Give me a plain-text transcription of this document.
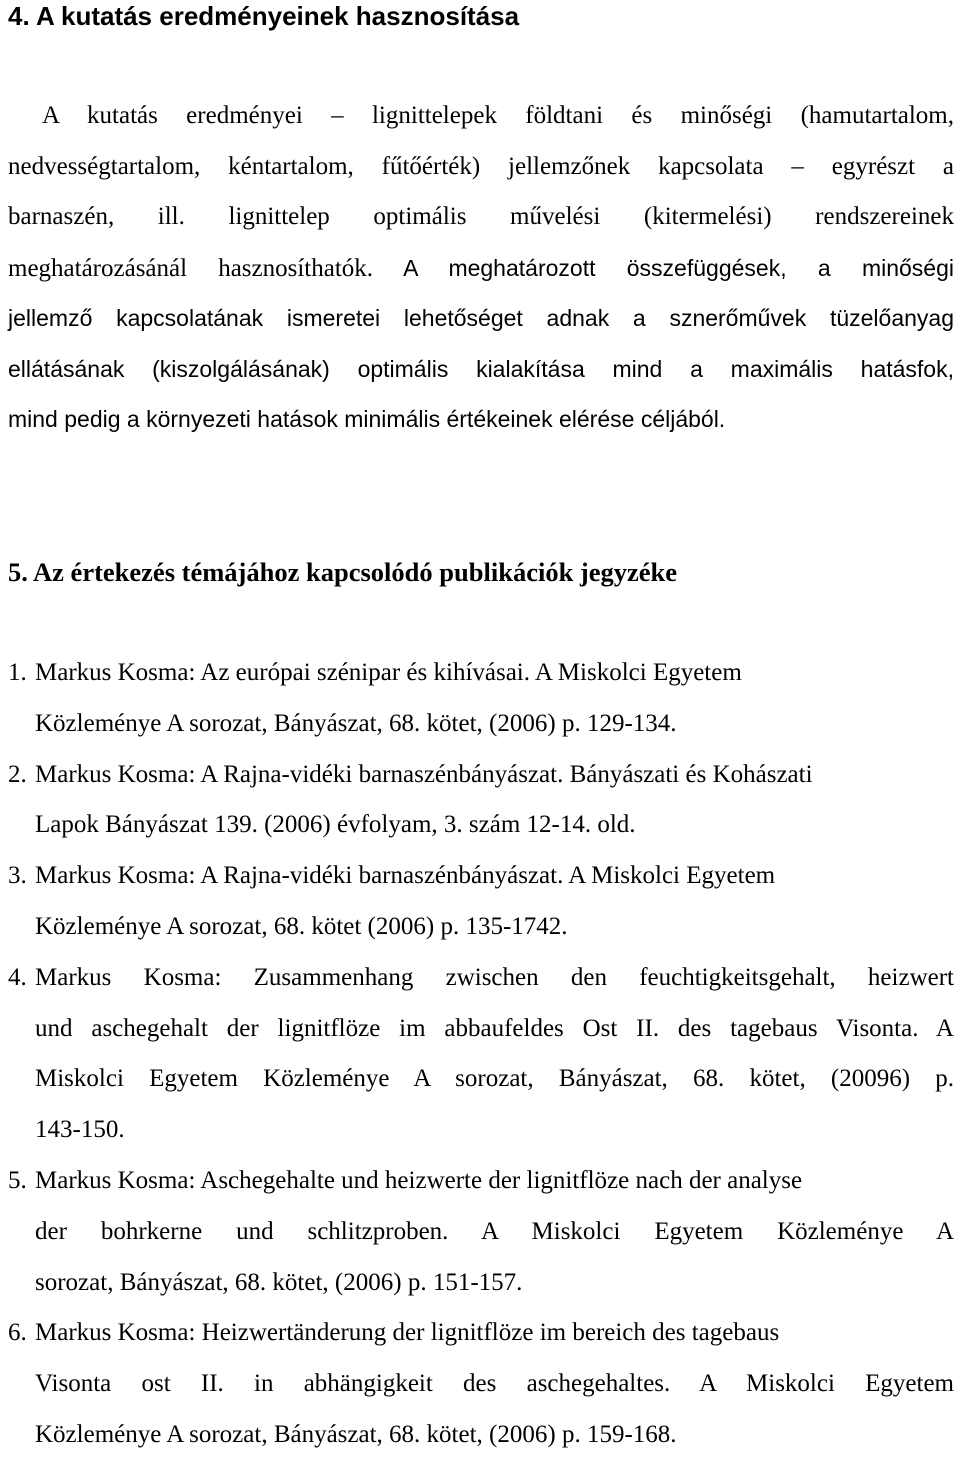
4. A kutatás eredményeinek hasznosítása
A kutatás eredményei – lignittelepek földtani és minőségi (hamutartalom,
nedvességtartalom, kéntartalom, fűtőérték) jellemzőnek kapcsolata – egyrészt a
barnaszén, ill. lignittelep optimális művelési (kitermelési) rendszereinek
meghatározásánál hasznosíthatók. A meghatározott összefüggések, a minőségi
jellemző kapcsolatának ismeretei lehetőséget adnak a sznerőművek tüzelőanyag
ellátásának (kiszolgálásának) optimális kialakítása mind a maximális hatásfok,
mind pedig a környezeti hatások minimális értékeinek elérése céljából.
5. Az értekezés témájához kapcsolódó publikációk jegyzéke
1. Markus Kosma: Az európai szénipar és kihívásai. A Miskolci Egyetem
Közleménye A sorozat, Bányászat, 68. kötet, (2006) p. 129-134.
2. Markus Kosma: A Rajna-vidéki barnaszénbányászat. Bányászati és Kohászati
Lapok Bányászat 139. (2006) évfolyam, 3. szám 12-14. old.
3. Markus Kosma: A Rajna-vidéki barnaszénbányászat. A Miskolci Egyetem
Közleménye A sorozat, 68. kötet (2006) p. 135-1742.
4. Markus Kosma: Zusammenhang zwischen den feuchtigkeitsgehalt, heizwert
und aschegehalt der lignitflöze im abbaufeldes Ost II. des tagebaus Visonta. A
Miskolci Egyetem Közleménye A sorozat, Bányászat, 68. kötet, (20096) p.
143-150.
5. Markus Kosma: Aschegehalte und heizwerte der lignitflöze nach der analyse
der bohrkerne und schlitzproben. A Miskolci Egyetem Közleménye A
sorozat, Bányászat, 68. kötet, (2006) p. 151-157.
6. Markus Kosma: Heizwertänderung der lignitflöze im bereich des tagebaus
Visonta ost II. in abhängigkeit des aschegehaltes. A Miskolci Egyetem
Közleménye A sorozat, Bányászat, 68. kötet, (2006) p. 159-168.
